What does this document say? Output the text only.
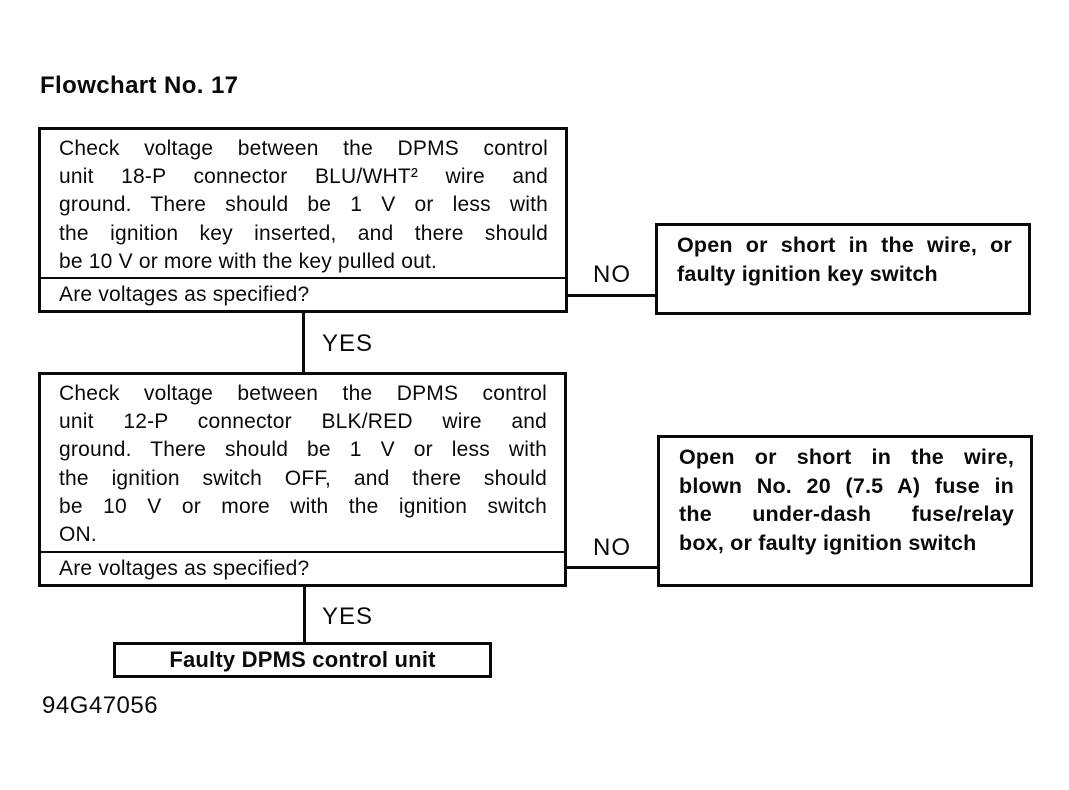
Flowchart No. 17
Check voltage between the DPMS control
unit 18-P connector BLU/WHT² wire and
ground. There should be 1 V or less with
the ignition key inserted, and there should
be 10 V or more with the key pulled out.
Are voltages as specified?
NO
Open or short in the wire, or
faulty ignition key switch
YES
Check voltage between the DPMS control
unit 12-P connector BLK/RED wire and
ground. There should be 1 V or less with
the ignition switch OFF, and there should
be 10 V or more with the ignition switch
ON.
Are voltages as specified?
NO
Open or short in the wire,
blown No. 20 (7.5 A) fuse in
the under-dash fuse/relay
box, or faulty ignition switch
YES
Faulty DPMS control unit
94G47056
